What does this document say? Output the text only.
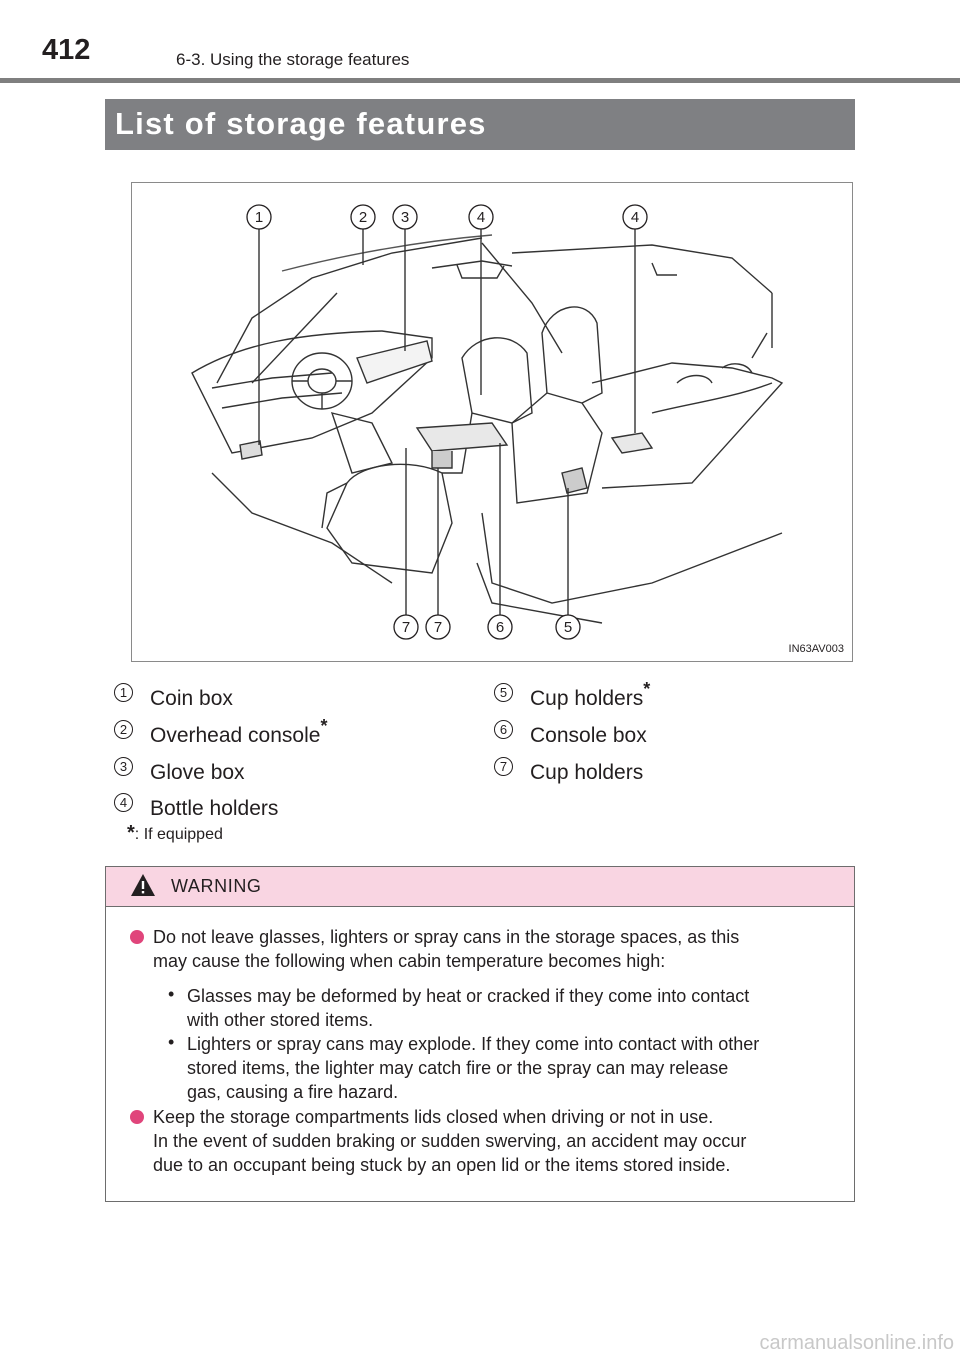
412	6-3. Using the storage features
List of storage features
1	2 3	4	4
7 7	6	5
IN63AV003
1 Coin box
2 Overhead console*
3 Glove box
4 Bottle holders
5 Cup holders*
6 Console box
7 Cup holders
*: If equipped
WARNING
Do not leave glasses, lighters or spray cans in the storage spaces, as this
may cause the following when cabin temperature becomes high:
• Glasses may be deformed by heat or cracked if they come into contact
with other stored items.
• Lighters or spray cans may explode. If they come into contact with other
stored items, the lighter may catch fire or the spray can may release
gas, causing a fire hazard.
Keep the storage compartments lids closed when driving or not in use.
In the event of sudden braking or sudden swerving, an accident may occur
due to an occupant being stuck by an open lid or the items stored inside.
carmanualsonline.info
